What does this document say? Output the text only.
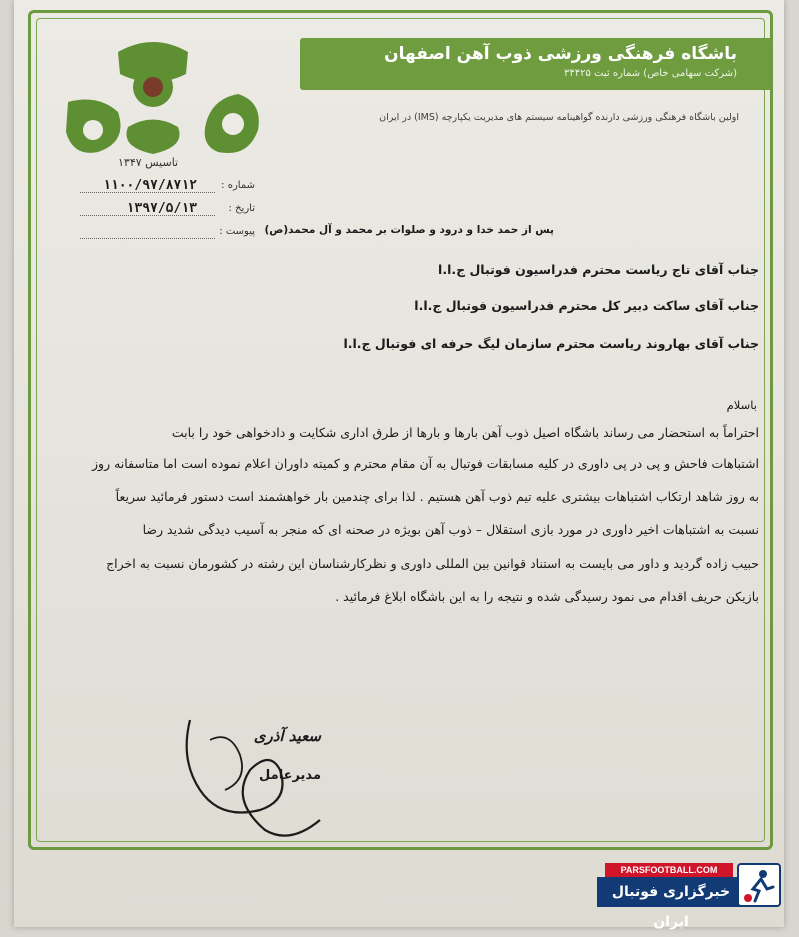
باشگاه فرهنگی ورزشی ذوب آهن اصفهان
(شرکت سهامی خاص) شماره ثبت ۳۴۴۲۵
اولین باشگاه فرهنگی ورزشی دارنده گواهینامه سیستم های مدیریت یکپارچه (IMS) در ایران
تاسیس ۱۳۴۷
شماره :
۱۱۰۰/۹۷/۸۷۱۲
تاریخ :
۱۳۹۷/۵/۱۳
پیوست : پس از حمد خدا و درود و صلوات بر محمد و آل محمد(ص)
جناب آقای تاج ریاست محترم فدراسیون فوتبال ج.ا.ا
جناب آقای ساکت دبیر کل محترم فدراسیون فوتبال ج.ا.ا
جناب آقای بهاروند ریاست محترم سازمان لیگ حرفه ای فوتبال ج.ا.ا
باسلام
احتراماً به استحضار می رساند باشگاه اصیل ذوب آهن بارها و بارها از طرق اداری شکایت و دادخواهی خود را بابت
اشتباهات فاحش و پی در پی داوری در کلیه مسابقات فوتبال به آن مقام محترم و کمیته داوران اعلام نموده است اما متاسفانه روز
به روز شاهد ارتکاب اشتباهات بیشتری علیه تیم ذوب آهن هستیم . لذا برای چندمین بار خواهشمند است دستور فرمائید سریعاً
نسبت به اشتباهات اخیر داوری در مورد بازی استقلال – ذوب آهن بویژه در صحنه ای که منجر به آسیب دیدگی شدید رضا
حبیب زاده گردید و داور می بایست به استناد قوانین بین المللی داوری و نظرکارشناسان این رشته در کشورمان نسبت به اخراج
بازیکن حریف اقدام می نمود رسیدگی شده و نتیجه را به این باشگاه ابلاغ فرمائید .
سعید آذری
مدیرعامل
PARSFOOTBALL.COM
خبرگزاری فوتبال ایران
